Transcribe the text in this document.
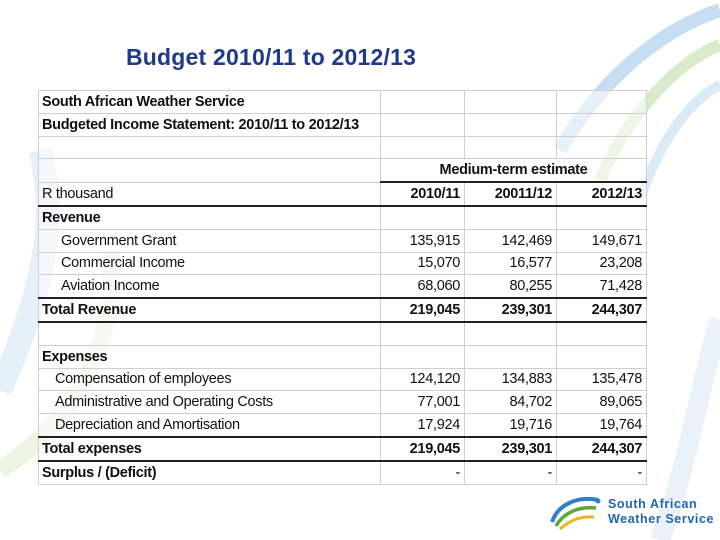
Budget 2010/11 to 2012/13
South African Weather Service			
Budgeted Income Statement: 2010/11 to 2012/13			

	Medium-term estimate		
R thousand	2010/11	20011/12	2012/13
Revenue			
Government Grant	135,915	142,469	149,671
Commercial Income	15,070	16,577	23,208
Aviation Income	68,060	80,255	71,428
Total Revenue	219,045	239,301	244,307

Expenses			
Compensation of employees	124,120	134,883	135,478
Administrative and Operating Costs	77,001	84,702	89,065
Depreciation and Amortisation	17,924	19,716	19,764
Total expenses	219,045	239,301	244,307
Surplus / (Deficit)	-	-	-
South African
Weather Service
